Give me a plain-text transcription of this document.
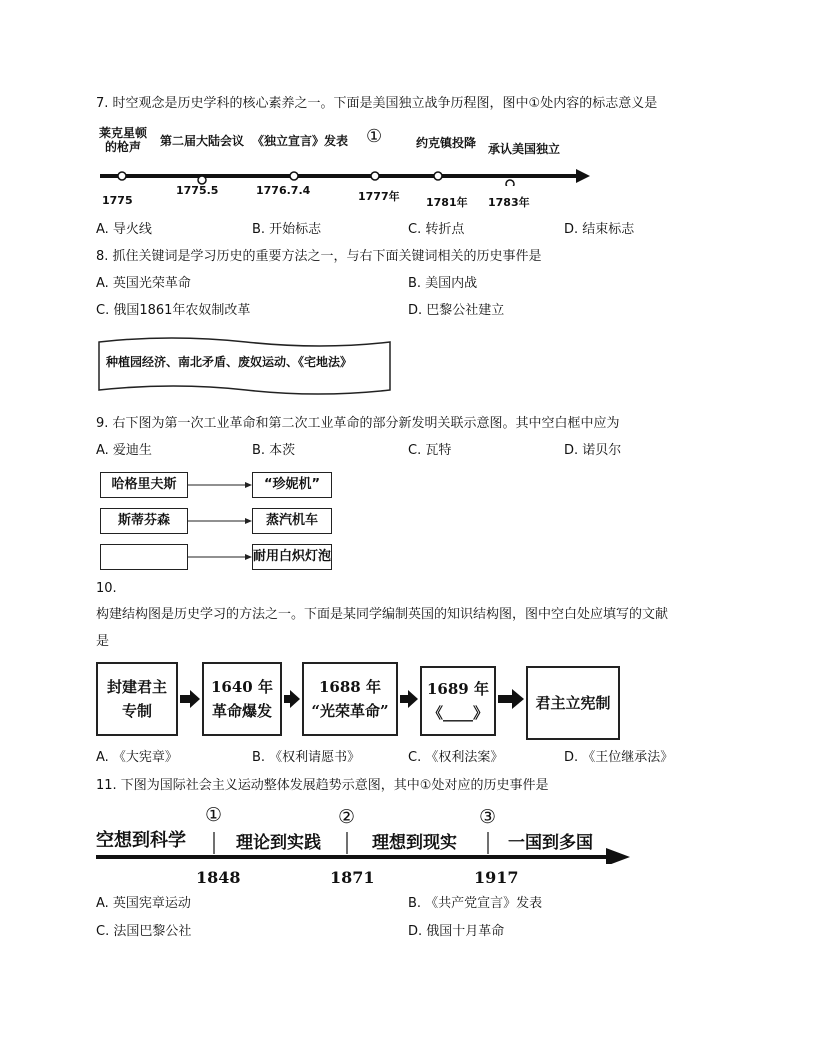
7. 时空观念是历史学科的核心素养之一。下面是美国独立战争历程图，图中①处内容的标志意义是
莱克星顿
的枪声	第二届大陆会议 《独立宣言》发表 ①	约克镇投降 承认美国独立
1775
1775.5	1776.7.4	1777年 1781年 1783年
A. 导火线	B. 开始标志	C. 转折点	D. 结束标志
8. 抓住关键词是学习历史的重要方法之一，与右下面关键词相关的历史事件是
A. 英国光荣革命	B. 美国内战
C. 俄国1861年农奴制改革	D. 巴黎公社建立
种植园经济、南北矛盾、废奴运动、《宅地法》
9. 右下图为第一次工业革命和第二次工业革命的部分新发明关联示意图。其中空白框中应为
A. 爱迪生	B. 本茨	C. 瓦特	D. 诺贝尔
哈格里夫斯	“珍妮机”
斯蒂芬森	蒸汽机车
耐用白炽灯泡
10.
构建结构图是历史学习的方法之一。下面是某同学编制英国的知识结构图，图中空白处应填写的文献
是
封建君主
专制
1640 年
革命爆发
1688 年
“光荣革命”
1689 年
《____》
君主立宪制
A. 《大宪章》	B. 《权利请愿书》	C. 《权利法案》	D. 《王位继承法》
11. 下图为国际社会主义运动整体发展趋势示意图，其中①处对应的历史事件是
空想到科学	理论到实践	理想到现实	一国到多国
①	②	③
1848	1871	1917
A. 英国宪章运动	B. 《共产党宣言》发表
C. 法国巴黎公社	D. 俄国十月革命
